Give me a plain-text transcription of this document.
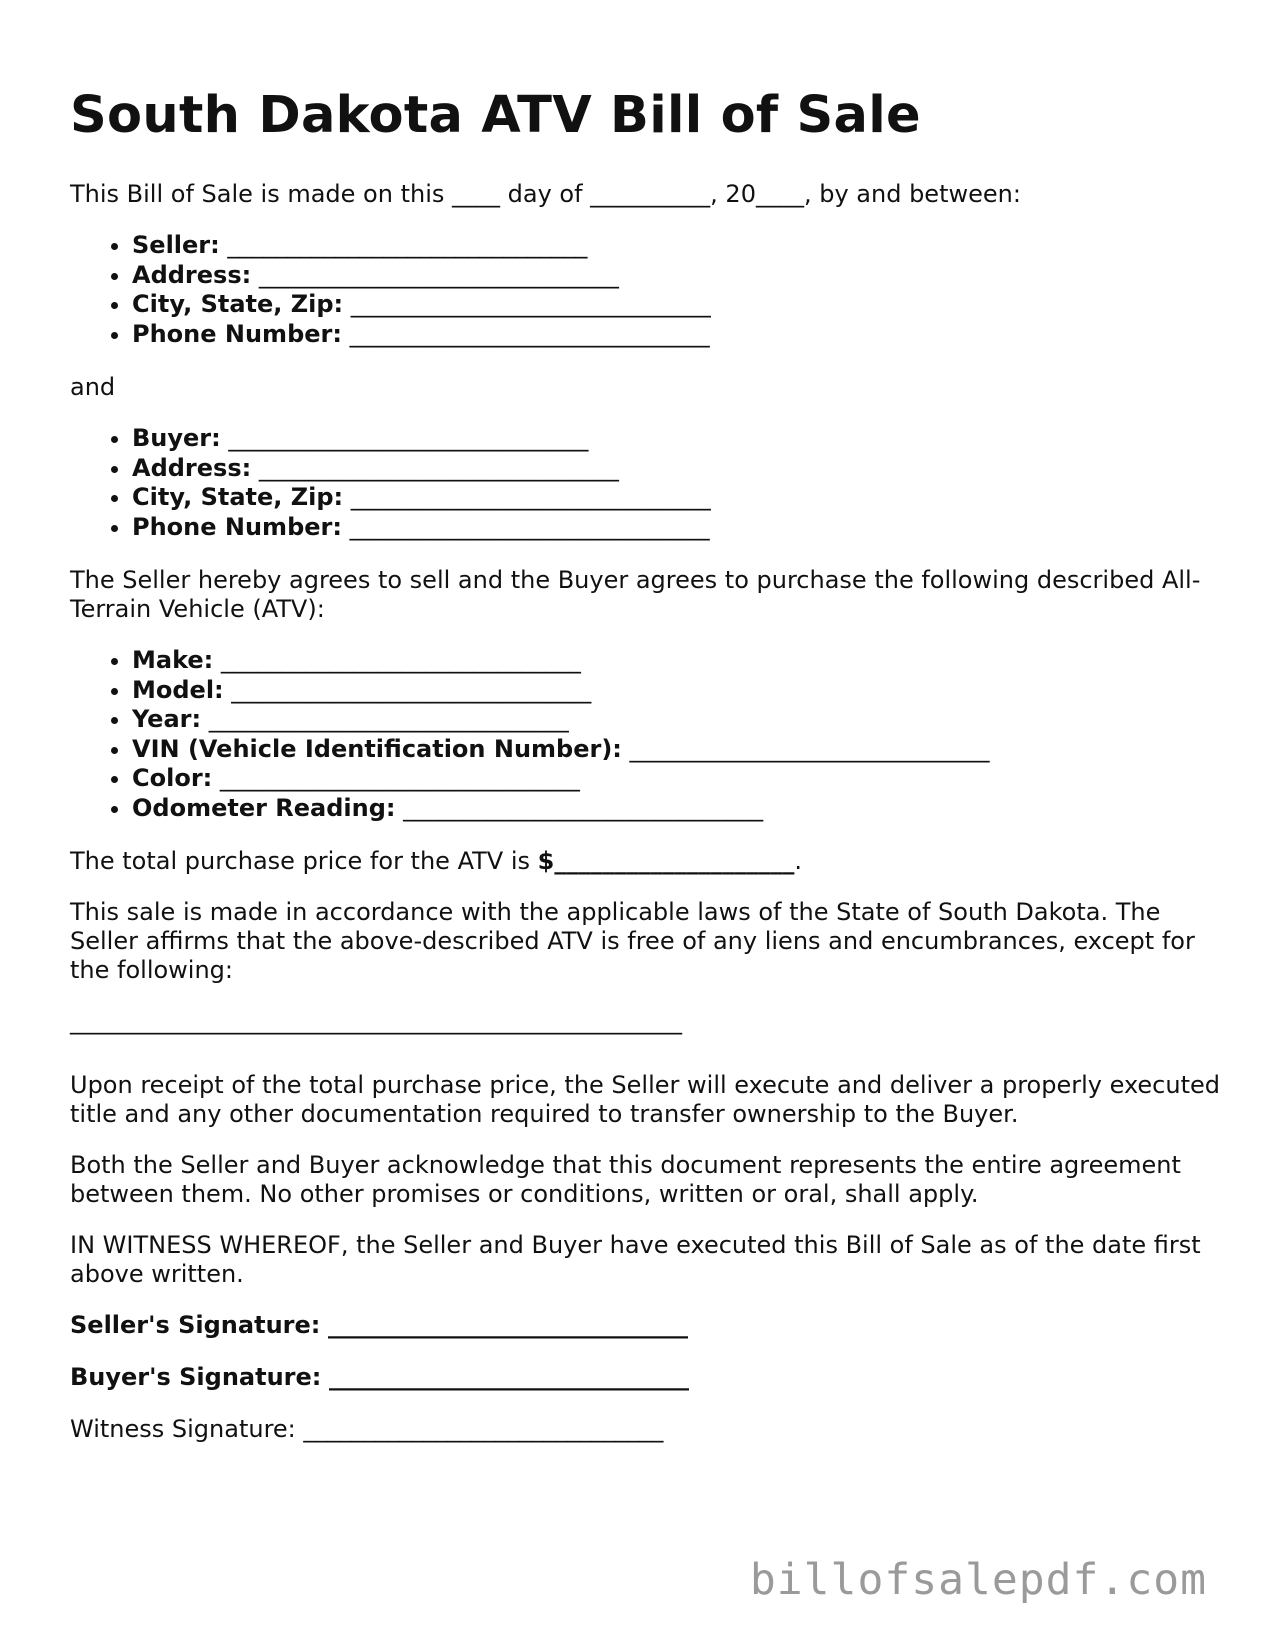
South Dakota ATV Bill of Sale

This Bill of Sale is made on this ____ day of __________, 20____, by and between:

• Seller: ______________________________
• Address: ______________________________
• City, State, Zip: ______________________________
• Phone Number: ______________________________

and

• Buyer: ______________________________
• Address: ______________________________
• City, State, Zip: ______________________________
• Phone Number: ______________________________

The Seller hereby agrees to sell and the Buyer agrees to purchase the following described All-Terrain Vehicle (ATV):

• Make: ______________________________
• Model: ______________________________
• Year: ______________________________
• VIN (Vehicle Identification Number): ______________________________
• Color: ______________________________
• Odometer Reading: ______________________________

The total purchase price for the ATV is $____________________.

This sale is made in accordance with the applicable laws of the State of South Dakota. The Seller affirms that the above-described ATV is free of any liens and encumbrances, except for the following:

___________________________________________________

Upon receipt of the total purchase price, the Seller will execute and deliver a properly executed title and any other documentation required to transfer ownership to the Buyer.

Both the Seller and Buyer acknowledge that this document represents the entire agreement between them. No other promises or conditions, written or oral, shall apply.

IN WITNESS WHEREOF, the Seller and Buyer have executed this Bill of Sale as of the date first above written.

Seller's Signature: ______________________________
Buyer's Signature: ______________________________
Witness Signature: ______________________________
billofsalepdf.com
